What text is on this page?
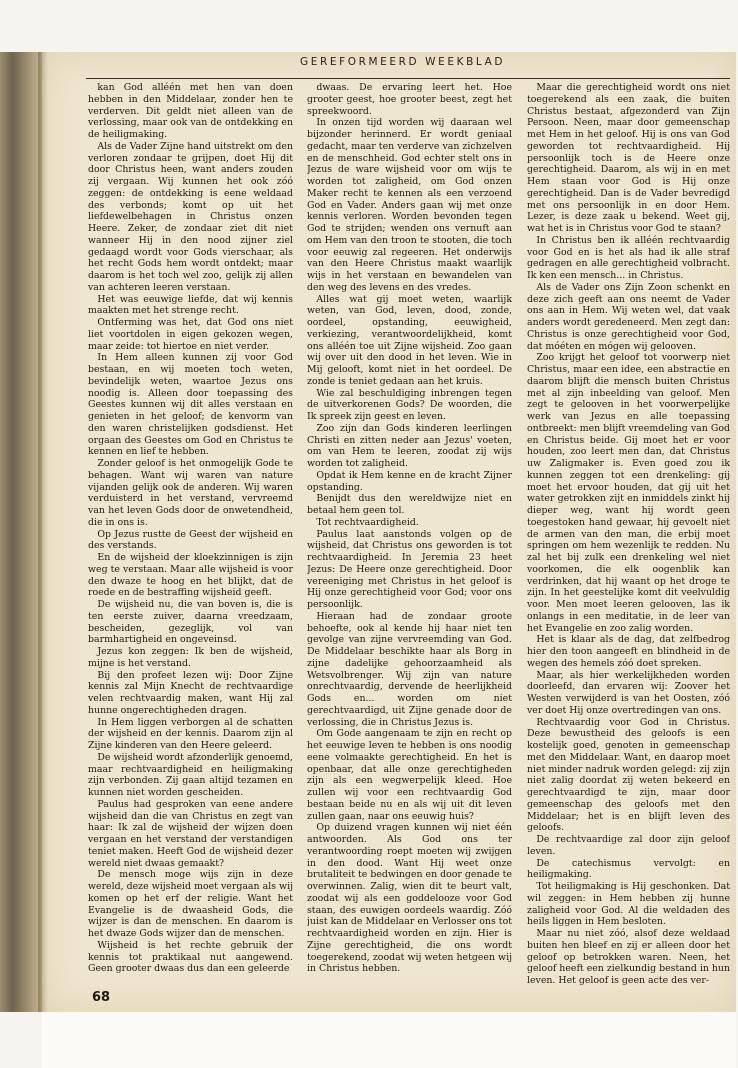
GEREFORMEERD WEEKBLAD

 kan God alléén met hen van doen hebben in den Middelaar, zonder hen te verderven. Dit geldt niet alleen van de verlossing, maar ook van de ontdekking en de heiligmaking.

 Als de Vader Zijne hand uitstrekt om den verloren zondaar te grijpen, doet Hij dit door Christus heen, want anders zouden zij vergaan. Wij kunnen het ook zóó zeggen: de ontdekking is eene weldaad des verbonds; komt op uit het liefdewelbehagen in Christus onzen Heere. Zeker, de zondaar ziet dit niet wanneer Hij in den nood zijner ziel gedaagd wordt voor Gods vierschaar, als het recht Gods hem wordt ontdekt; maar daarom is het toch wel zoo, gelijk zij allen van achteren leeren verstaan.

 Het was eeuwige liefde, dat wij kennis maakten met het strenge recht.

 Ontferming was het, dat God ons niet liet voortdolen in eigen gekozen wegen, maar zeide: tot hiertoe en niet verder.

 In Hem alleen kunnen zij voor God bestaan, en wij moeten toch weten, bevindelijk weten, waartoe Jezus ons noodig is. Alleen door toepassing des Geestes kunnen wij dit alles verstaan en genieten in het geloof; de kenvorm van den waren christelijken godsdienst. Het orgaan des Geestes om God en Christus te kennen en lief te hebben.

 Zonder geloof is het onmogelijk Gode te behagen. Want wij waren van nature vijanden gelijk ook de anderen. Wij waren verduisterd in het verstand, vervreemd van het leven Gods door de onwetendheid, die in ons is.

 Op Jezus rustte de Geest der wijsheid en des verstands.

 En de wijsheid der kloekzinnigen is zijn weg te verstaan. Maar alle wijsheid is voor den dwaze te hoog en het blijkt, dat de roede en de bestraffing wijsheid geeft.

 De wijsheid nu, die van boven is, die is ten eerste zuiver, daarna vreedzaam, bescheiden, gezeglijk, vol van barmhartigheid en ongeveinsd.

 Jezus kon zeggen: Ik ben de wijsheid, mijne is het verstand.

 Bij den profeet lezen wij: Door Zijne kennis zal Mijn Knecht de rechtvaardige velen rechtvaardig maken, want Hij zal hunne ongerechtigheden dragen.

 In Hem liggen verborgen al de schatten der wijsheid en der kennis. Daarom zijn al Zijne kinderen van den Heere geleerd.

 De wijsheid wordt afzonderlijk genoemd, maar rechtvaardigheid en heiligmaking zijn verbonden. Zij gaan altijd tezamen en kunnen niet worden gescheiden.

 Paulus had gesproken van eene andere wijsheid dan die van Christus en zegt van haar: Ik zal de wijsheid der wijzen doen vergaan en het verstand der verstandigen teniet maken. Heeft God de wijsheid dezer wereld niet dwaas gemaakt?

 De mensch moge wijs zijn in deze wereld, deze wijsheid moet vergaan als wij komen op het erf der religie. Want het Evangelie is de dwaasheid Gods, die wijzer is dan de menschen. En daarom is het dwaze Gods wijzer dan de menschen.

 Wijsheid is het rechte gebruik der kennis tot praktikaal nut aangewend. Geen grooter dwaas dus dan een geleerde

 dwaas. De ervaring leert het. Hoe grooter geest, hoe grooter beest, zegt het spreekwoord.

 In onzen tijd worden wij daaraan wel bijzonder herinnerd. Er wordt geniaal gedacht, maar ten verderve van zichzelven en de menschheid. God echter stelt ons in Jezus de ware wijsheid voor om wijs te worden tot zaligheid, om God onzen Maker recht te kennen als een verzoend God en Vader. Anders gaan wij met onze kennis verloren. Worden bevonden tegen God te strijden; wenden ons vernuft aan om Hem van den troon te stooten, die toch voor eeuwig zal regeeren. Het onderwijs van den Heere Christus maakt waarlijk wijs in het verstaan en bewandelen van den weg des levens en des vredes.

 Alles wat gij moet weten, waarlijk weten, van God, leven, dood, zonde, oordeel, opstanding, eeuwigheid, verkiezing, verantwoordelijkheid, komt ons alléén toe uit Zijne wijsheid. Zoo gaan wij over uit den dood in het leven. Wie in Mij gelooft, komt niet in het oordeel. De zonde is teniet gedaan aan het kruis.

 Wie zal beschuldiging inbrengen tegen de uitverkorenen Gods? De woorden, die Ik spreek zijn geest en leven.

 Zoo zijn dan Gods kinderen leerlingen Christi en zitten neder aan Jezus' voeten, om van Hem te leeren, zoodat zij wijs worden tot zaligheid.

 Opdat ik Hem kenne en de kracht Zijner opstanding.

 Benijdt dus den wereldwijze niet en betaal hem geen tol.

 Tot rechtvaardigheid.

 Paulus laat aanstonds volgen op de wijsheid, dat Christus ons geworden is tot rechtvaardigheid. In Jeremia 23 heet Jezus: De Heere onze gerechtigheid. Door vereeniging met Christus in het geloof is Hij onze gerechtigheid voor God; voor ons persoonlijk.

 Hieraan had de zondaar groote behoefte, ook al kende hij haar niet ten gevolge van zijne vervreemding van God. De Middelaar beschikte haar als Borg in zijne dadelijke gehoorzaamheid als Wetsvolbrenger. Wij zijn van nature onrechtvaardig, dervende de heerlijkheid Gods en... worden om niet gerechtvaardigd, uit Zijne genade door de verlossing, die in Christus Jezus is.

 Om Gode aangenaam te zijn en recht op het eeuwige leven te hebben is ons noodig eene volmaakte gerechtigheid. En het is openbaar, dat alle onze gerechtigheden zijn als een wegwerpelijk kleed. Hoe zullen wij voor een rechtvaardig God bestaan beide nu en als wij uit dit leven zullen gaan, naar ons eeuwig huis?

 Op duizend vragen kunnen wij niet één antwoorden. Als God ons ter verantwoording roept moeten wij zwijgen in den dood. Want Hij weet onze brutaliteit te bedwingen en door genade te overwinnen. Zalig, wien dit te beurt valt, zoodat wij als een goddelooze voor God staan, des euwigen oordeels waardig. Zóó juist kan de Middelaar en Verlosser ons tot rechtvaardigheid worden en zijn. Hier is Zijne gerechtigheid, die ons wordt toegerekend, zoodat wij weten hetgeen wij in Christus hebben.

 Maar die gerechtigheid wordt ons niet toegerekend als een zaak, die buiten Christus bestaat, afgezonderd van Zijn Persoon. Neen, maar door gemeenschap met Hem in het geloof. Hij is ons van God geworden tot rechtvaardigheid. Hij persoonlijk toch is de Heere onze gerechtigheid. Daarom, als wij in en met Hem staan voor God is Hij onze gerechtigheid. Dan is de Vader bevredigd met ons persoonlijk in en door Hem. Lezer, is deze zaak u bekend. Weet gij, wat het is in Christus voor God te staan?

 In Christus ben ik alléén rechtvaardig voor God en is het als had ik alle straf gedragen en alle gerechtigheid volbracht. Ik ken een mensch... in Christus.

 Als de Vader ons Zijn Zoon schenkt en deze zich geeft aan ons neemt de Vader ons aan in Hem. Wij weten wel, dat vaak anders wordt geredeneerd. Men zegt dan: Christus is onze gerechtigheid voor God, dat móéten en mógen wij gelooven.

 Zoo krijgt het geloof tot voorwerp niet Christus, maar een idee, een abstractie en daarom blijft die mensch buiten Christus met al zijn inbeelding van geloof. Men zegt te gelooven in het voorwerpelijke werk van Jezus en alle toepassing ontbreekt: men blijft vreemdeling van God en Christus beide. Gij moet het er voor houden, zoo leert men dan, dat Christus uw Zaligmaker is. Even goed zou ik kunnen zeggen tot een drenkeling: gij moet het ervoor houden, dat gij uit het water getrokken zijt en inmiddels zinkt hij dieper weg, want hij wordt geen toegestoken hand gewaar, hij gevoelt niet de armen van den man, die erbij moet springen om hem wezenlijk te redden. Nu zal het bij zulk een drenkeling wel niet voorkomen, die elk oogenblik kan verdrinken, dat hij waant op het droge te zijn. In het geestelijke komt dit veelvuldig voor. Men moet leeren gelooven, las ik onlangs in een meditatie, in de leer van het Evangelie en zoo zalig worden.

 Het is klaar als de dag, dat zelfbedrog hier den toon aangeeft en blindheid in de wegen des hemels zóó doet spreken.

 Maar, als hier werkelijkheden worden doorleefd, dan ervaren wij: Zoover het Westen verwijderd is van het Oosten, zóó ver doet Hij onze overtredingen van ons.

 Rechtvaardig voor God in Christus. Deze bewustheid des geloofs is een kostelijk goed, genoten in gemeenschap met den Middelaar. Want, en daarop moet niet minder nadruk worden gelegd: zij zijn niet zalig doordat zij weten bekeerd en gerechtvaardigd te zijn, maar door gemeenschap des geloofs met den Middelaar; het is en blijft leven des geloofs.

 De rechtvaardige zal door zijn geloof leven.

 De catechismus vervolgt: en heiligmaking.

 Tot heiligmaking is Hij geschonken. Dat wil zeggen: in Hem hebben zij hunne zaligheid voor God. Al die weldaden des heils liggen in Hem besloten.

 Maar nu niet zóó, alsof deze weldaad buiten hen bleef en zij er alleen door het geloof op betrokken waren. Neen, het geloof heeft een zielkundig bestand in hun leven. Het geloof is geen acte des ver-

68
